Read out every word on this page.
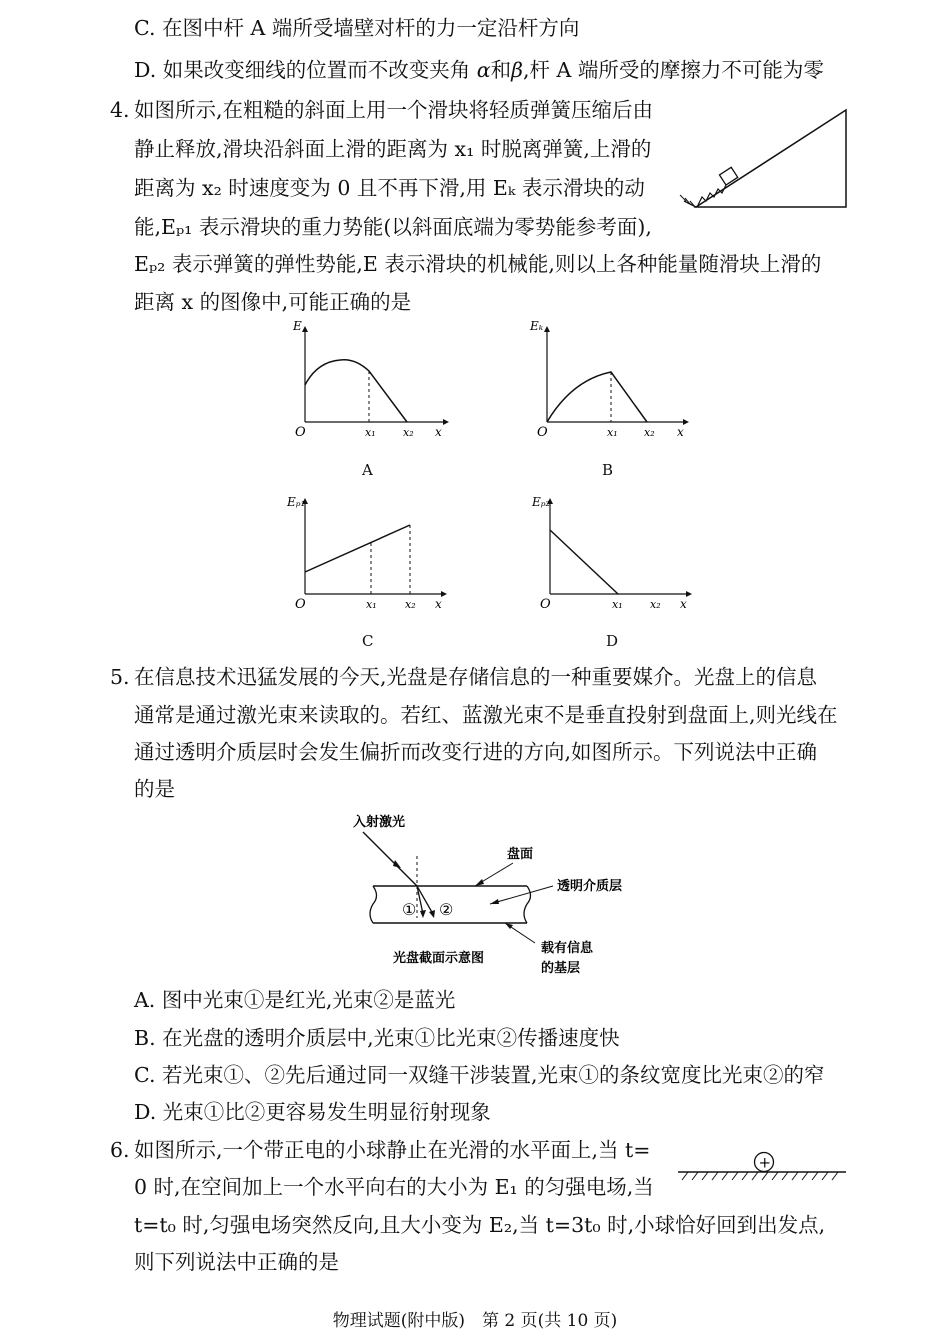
C. 在图中杆 A 端所受墙壁对杆的力一定沿杆方向
D. 如果改变细线的位置而不改变夹角 α和β,杆 A 端所受的摩擦力不可能为零
4. 如图所示,在粗糙的斜面上用一个滑块将轻质弹簧压缩后由
静止释放,滑块沿斜面上滑的距离为 x₁ 时脱离弹簧,上滑的
距离为 x₂ 时速度变为 0 且不再下滑,用 Eₖ 表示滑块的动
能,Eₚ₁ 表示滑块的重力势能(以斜面底端为零势能参考面),
Eₚ₂ 表示弹簧的弹性势能,E 表示滑块的机械能,则以上各种能量随滑块上滑的
距离 x 的图像中,可能正确的是
E
O	x₁ x₂ x
A
Eₖ
O	x₁ x₂ x
B
Eₚ₁
O	x₁	x₂ x
C
Eₚ₂
O	x₁ x₂ x
D
5. 在信息技术迅猛发展的今天,光盘是存储信息的一种重要媒介。光盘上的信息
通常是通过激光束来读取的。若红、蓝激光束不是垂直投射到盘面上,则光线在
通过透明介质层时会发生偏折而改变行进的方向,如图所示。下列说法中正确
的是
① ②
入射激光
盘面
透明介质层
光盘截面示意图
载有信息
的基层
A. 图中光束①是红光,光束②是蓝光
B. 在光盘的透明介质层中,光束①比光束②传播速度快
C. 若光束①、②先后通过同一双缝干涉装置,光束①的条纹宽度比光束②的窄
D. 光束①比②更容易发生明显衍射现象
6. 如图所示,一个带正电的小球静止在光滑的水平面上,当 t=
0 时,在空间加上一个水平向右的大小为 E₁ 的匀强电场,当
t=t₀ 时,匀强电场突然反向,且大小变为 E₂,当 t=3t₀ 时,小球恰好回到出发点,
则下列说法中正确的是
+
物理试题(附中版)　第 2 页(共 10 页)
